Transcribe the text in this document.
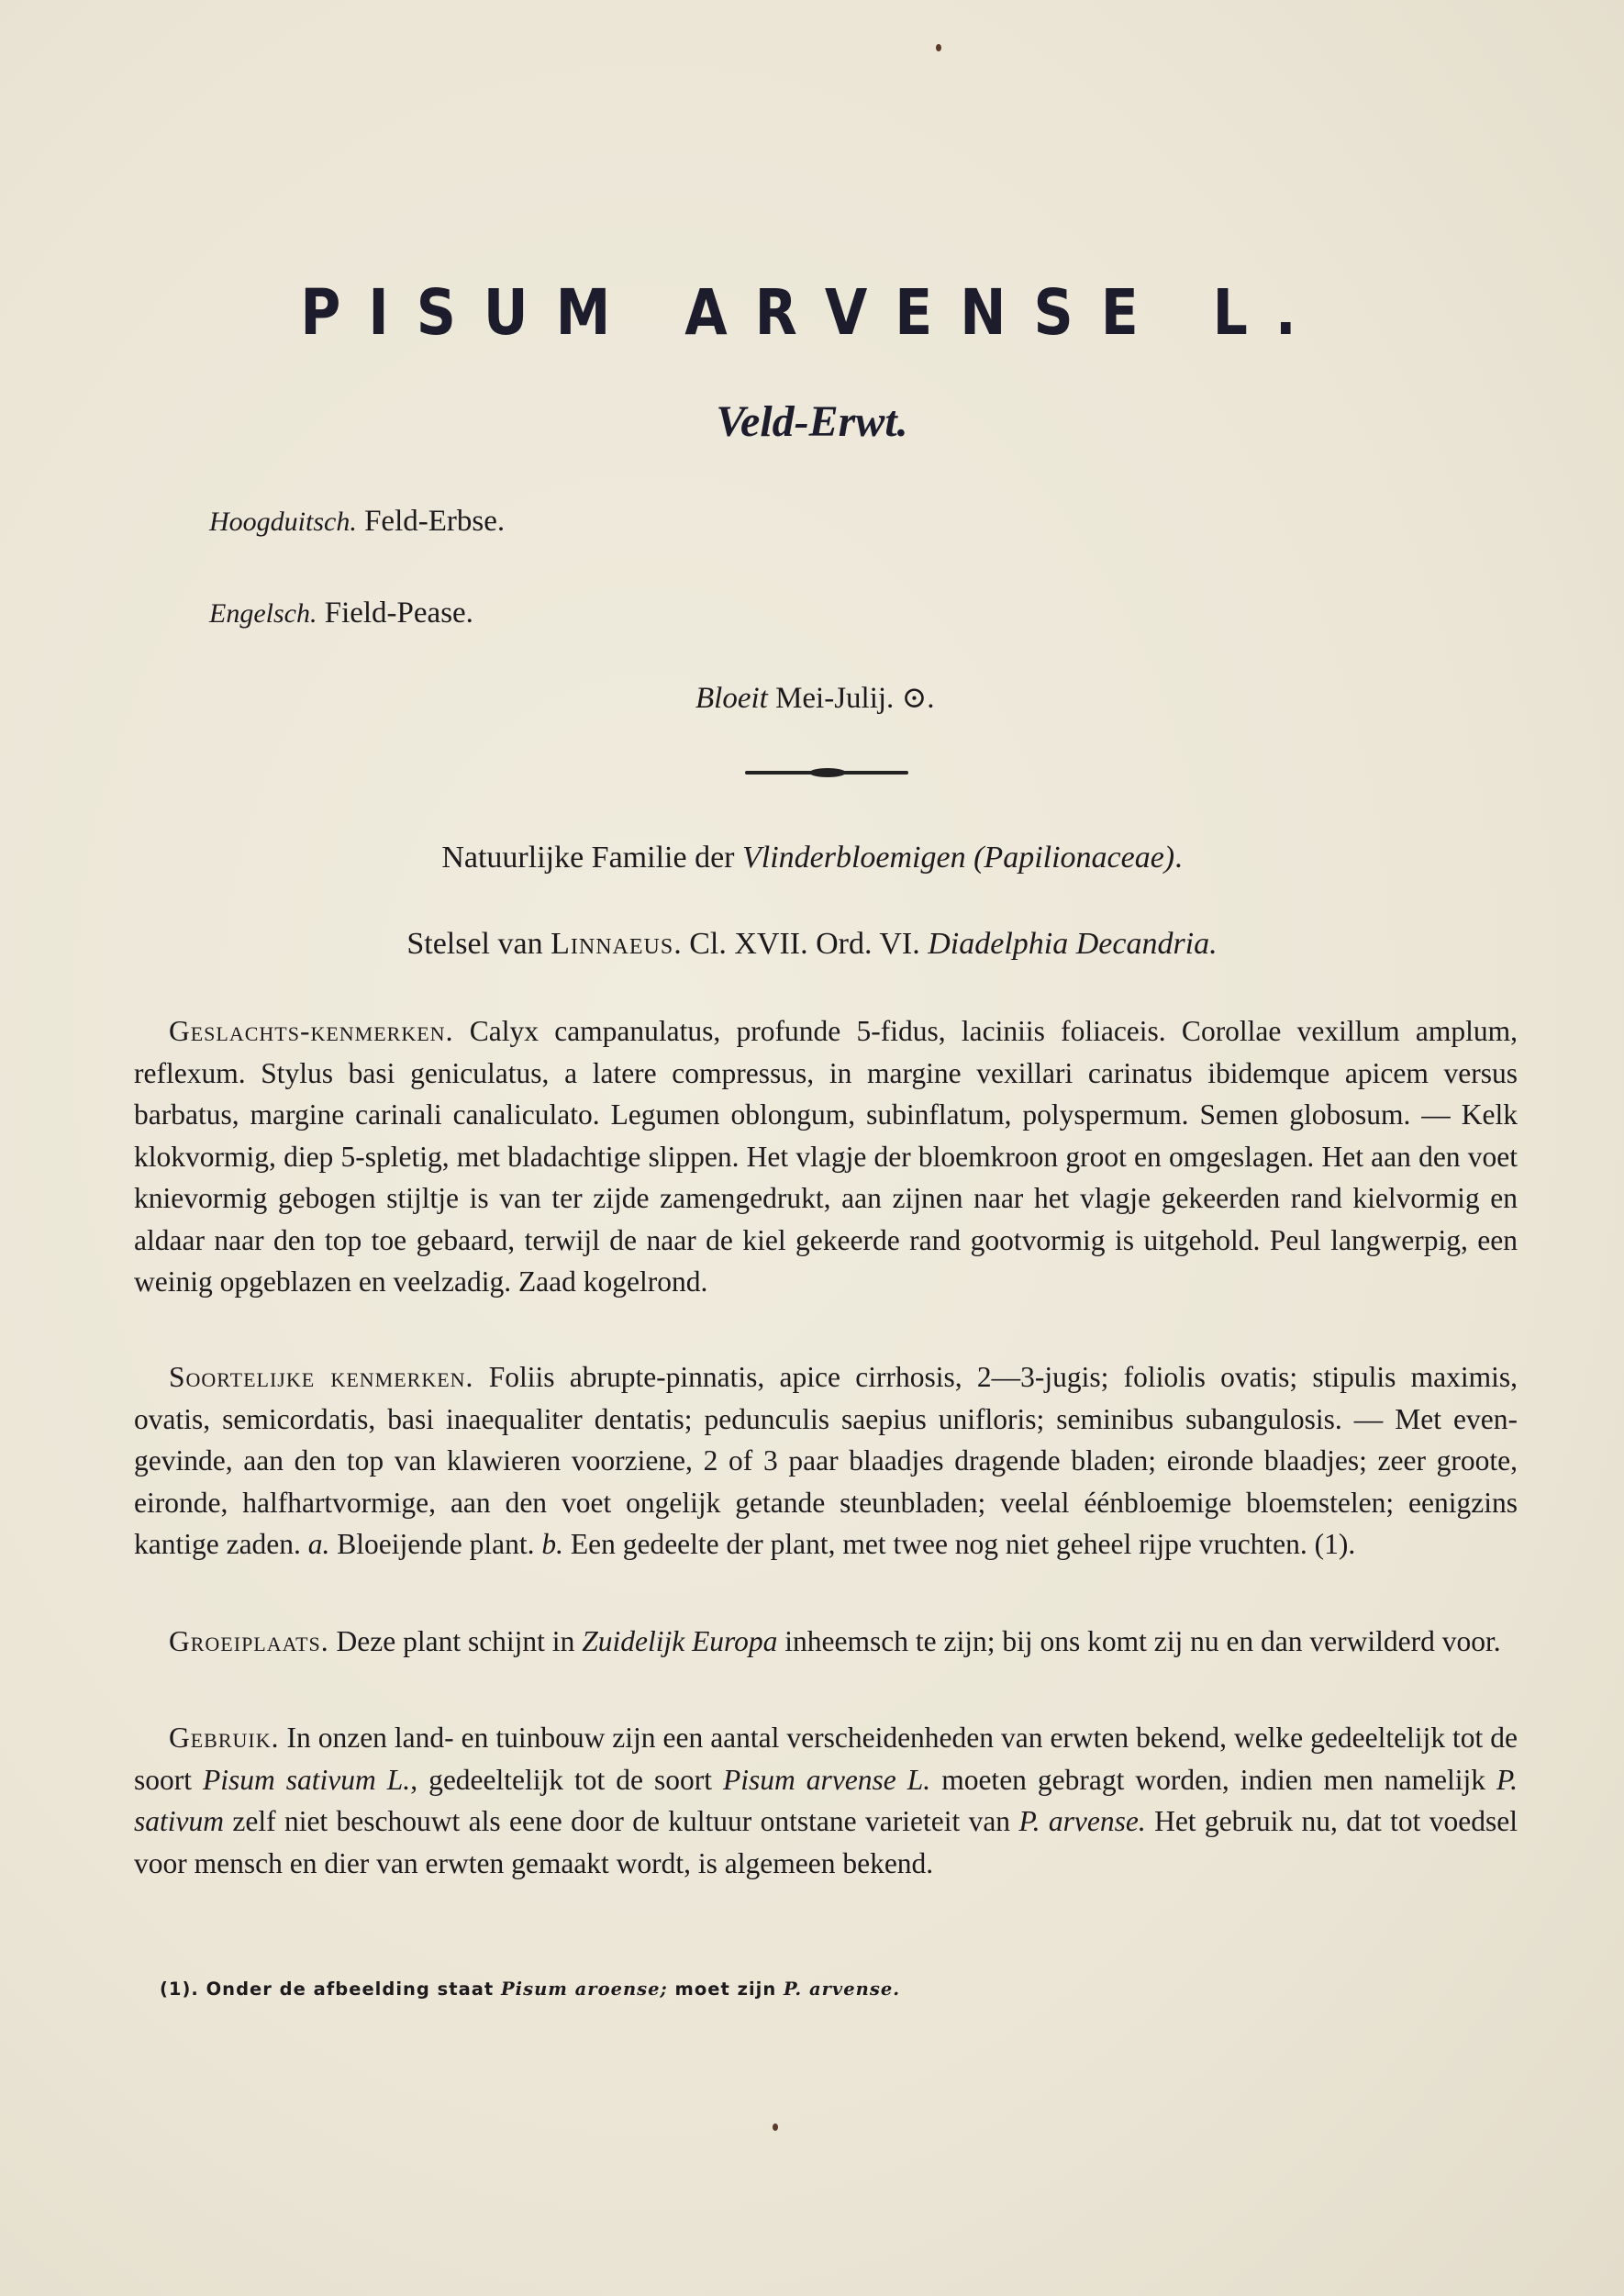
PISUM ARVENSE L.
Veld-Erwt.
Hoogduitsch. Feld-Erbse.
Engelsch. Field-Pease.
Bloeit Mei-Julij. ⊙.
Natuurlijke Familie der Vlinderbloemigen (Papilionaceae).
Stelsel van Linnaeus. Cl. XVII. Ord. VI. Diadelphia Decandria.

Geslachts-kenmerken. Calyx campanulatus, profunde 5-fidus, laciniis foliaceis. Corollae vexillum amplum, reflexum. Stylus basi geniculatus, a latere compressus, in margine vexillari carinatus ibidemque apicem versus barbatus, margine carinali canaliculato. Legumen oblongum, subinflatum, polyspermum. Semen globosum. — Kelk klokvormig, diep 5-spletig, met bladachtige slippen. Het vlagje der bloemkroon groot en omgeslagen. Het aan den voet knievormig gebogen stijltje is van ter zijde zamengedrukt, aan zijnen naar het vlagje gekeerden rand kielvormig en aldaar naar den top toe gebaard, terwijl de naar de kiel gekeerde rand gootvormig is uitgehold. Peul langwerpig, een weinig opgeblazen en veelzadig. Zaad kogelrond.

Soortelijke kenmerken. Foliis abrupte-pinnatis, apice cirrhosis, 2—3-jugis; foliolis ovatis; stipulis maximis, ovatis, semicordatis, basi inaequaliter dentatis; pedunculis saepius unifloris; seminibus subangulosis. — Met even-gevinde, aan den top van klawieren voorziene, 2 of 3 paar blaadjes dragende bladen; eironde blaadjes; zeer groote, eironde, halfhartvormige, aan den voet ongelijk getande steunbladen; veelal éénbloemige bloemstelen; eenigzins kantige zaden. a. Bloeijende plant. b. Een gedeelte der plant, met twee nog niet geheel rijpe vruchten. (1).

Groeiplaats. Deze plant schijnt in Zuidelijk Europa inheemsch te zijn; bij ons komt zij nu en dan verwilderd voor.

Gebruik. In onzen land- en tuinbouw zijn een aantal verscheidenheden van erwten bekend, welke gedeeltelijk tot de soort Pisum sativum L., gedeeltelijk tot de soort Pisum arvense L. moeten gebragt worden, indien men namelijk P. sativum zelf niet beschouwt als eene door de kultuur ontstane varieteit van P. arvense. Het gebruik nu, dat tot voedsel voor mensch en dier van erwten gemaakt wordt, is algemeen bekend.

(1). Onder de afbeelding staat Pisum aroense; moet zijn P. arvense.
